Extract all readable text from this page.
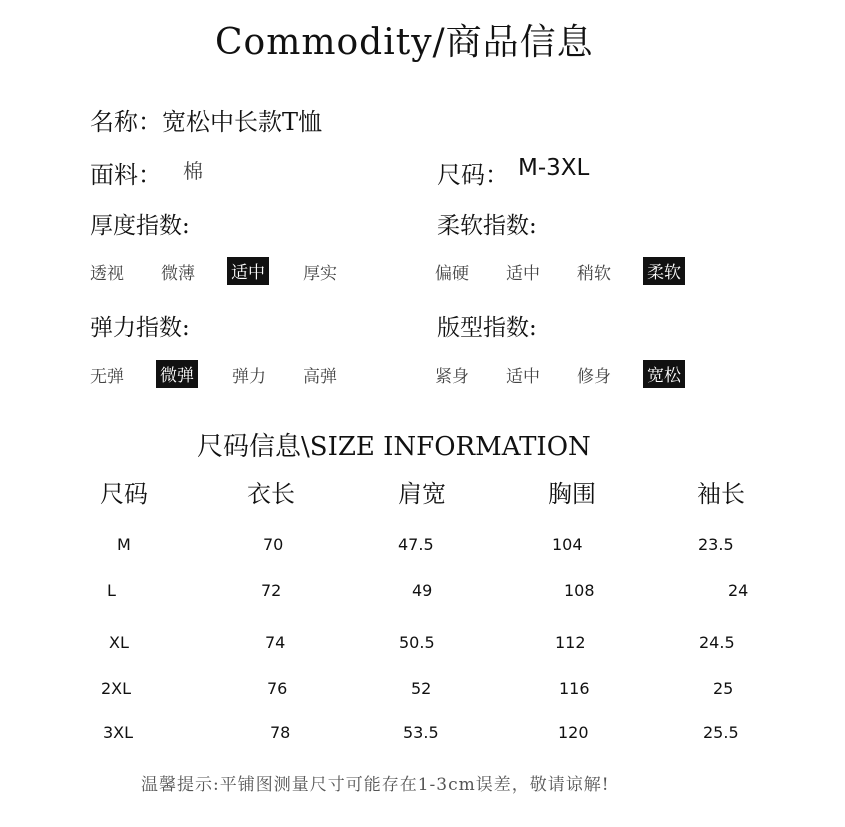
Commodity/商品信息
名称：宽松中长款T恤
面料： 棉	尺码： M-3XL
厚度指数:
透视 微薄 适中 厚实
柔软指数:
偏硬 适中 稍软 柔软
弹力指数:
无弹 微弹 弹力 高弹
版型指数:
紧身 适中 修身 宽松
尺码信息\SIZE INFORMATION
尺码	衣长	肩宽	胸围	袖长
M	70	47.5	104	23.5
L	72	49	108	24
XL	74	50.5	112	24.5
2XL	76	52	116	25
3XL	78	53.5	120	25.5
温馨提示:平铺图测量尺寸可能存在1-3cm误差，敬请谅解!
